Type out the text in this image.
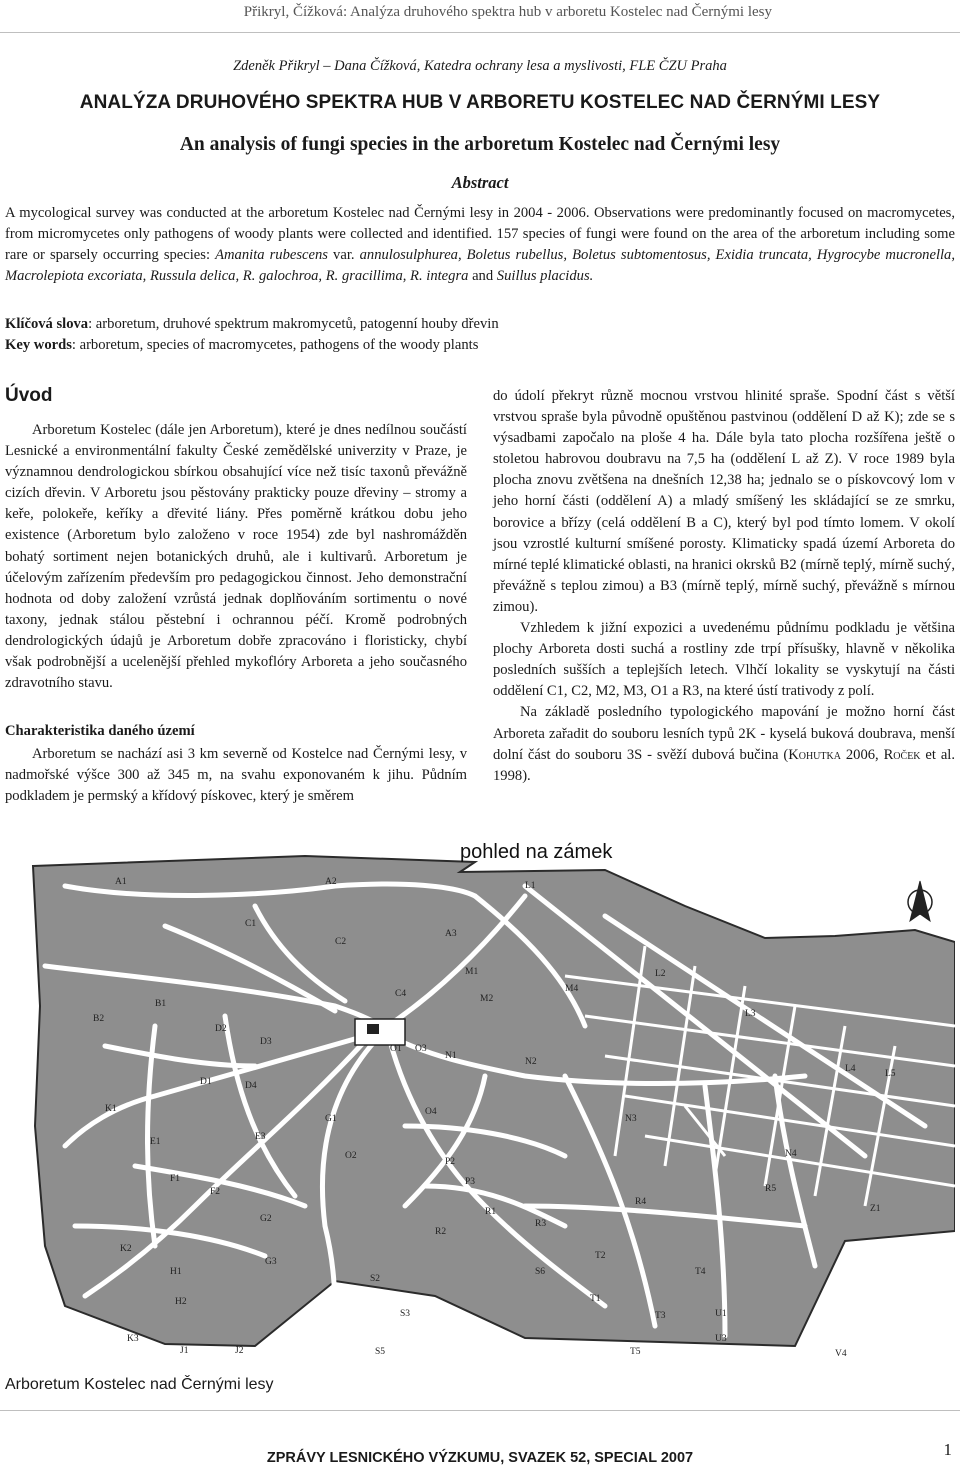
Přikryl, Čížková: Analýza druhového spektra hub v arboretu Kostelec nad Černými lesy
Zdeněk Přikryl – Dana Čížková, Katedra ochrany lesa a myslivosti, FLE ČZU Praha
ANALÝZA DRUHOVÉHO SPEKTRA HUB V ARBORETU KOSTELEC NAD ČERNÝMI LESY
An analysis of fungi species in the arboretum Kostelec nad Černými lesy
Abstract
A mycological survey was conducted at the arboretum Kostelec nad Černými lesy in 2004 - 2006. Observations were predominantly focused on macromycetes, from micromycetes only pathogens of woody plants were collected and identified. 157 species of fungi were found on the area of the arboretum including some rare or sparsely occurring species: Amanita rubescens var. annulosulphurea, Boletus rubellus, Boletus subtomentosus, Exidia truncata, Hygrocybe mucronella, Macrolepiota excoriata, Russula delica, R. galochroa, R. gracillima, R. integra and Suillus placidus.
Klíčová slova: arboretum, druhové spektrum makromycetů, patogenní houby dřevin
Key words: arboretum, species of macromycetes, pathogens of the woody plants
Úvod

Arboretum Kostelec (dále jen Arboretum), které je dnes nedílnou součástí Lesnické a environmentální fakulty České zemědělské univerzity v Praze, je významnou dendrologickou sbírkou obsahující více než tisíc taxonů převážně cizích dřevin. V Arboretu jsou pěstovány prakticky pouze dřeviny – stromy a keře, polokeře, keříky a dřevité liány. Přes poměrně krátkou dobu jeho existence (Arboretum bylo založeno v roce 1954) zde byl nashromážděn bohatý sortiment nejen botanických druhů, ale i kultivarů. Arboretum je účelovým zařízením především pro pedagogickou činnost. Jeho demonstrační hodnota od doby založení vzrůstá jednak doplňováním sortimentu o nové taxony, jednak stálou pěstební i ochrannou péčí. Kromě podrobných dendrologických údajů je Arboretum dobře zpracováno i floristicky, chybí však podrobnější a ucelenější přehled mykoflóry Arboreta a jeho současného zdravotního stavu.

Charakteristika daného území

Arboretum se nachází asi 3 km severně od Kostelce nad Černými lesy, v nadmořské výšce 300 až 345 m, na svahu exponovaném k jihu. Půdním podkladem je permský a křídový pískovec, který je směrem

do údolí překryt různě mocnou vrstvou hlinité spraše. Spodní část s větší vrstvou spraše byla původně opuštěnou pastvinou (oddělení D až K); zde se s výsadbami započalo na ploše 4 ha. Dále byla tato plocha rozšířena ještě o stoletou habrovou doubravu na 7,5 ha (oddělení L až Z). V roce 1989 byla plocha znovu zvětšena na dnešních 12,38 ha; jednalo se o pískovcový lom v jeho horní části (oddělení A) a mladý smíšený les skládající se ze smrku, borovice a břízy (celá oddělení B a C), který byl pod tímto lomem. V okolí jsou vzrostlé kulturní smíšené porosty. Klimaticky spadá území Arboreta do mírné teplé klimatické oblasti, na hranici okrsků B2 (mírně teplý, mírně suchý, převážně s teplou zimou) a B3 (mírně teplý, mírně suchý, převážně s mírnou zimou).

Vzhledem k jižní expozici a uvedenému půdnímu podkladu je většina plochy Arboreta dosti suchá a rostliny zde trpí přísušky, hlavně v několika posledních sušších a teplejších letech. Vlhčí lokality se vyskytují na části oddělení C1, C2, M2, M3, O1 a R3, na které ústí trativody z polí.

Na základě posledního typologického mapování je možno horní část Arboreta zařadit do souboru lesních typů 2K - kyselá buková doubrava, menší dolní část do souboru 3S - svěží dubová bučina (Kohutka 2006, Roček et al. 1998).

pohled na zámek
A1	A2	L1
C1
C2
A3
M1
M2
M4
L2
L3
B1
B2
C4
L4	L5
D2
D3
O1 O3
N1
N2
N3
D1	D4
N4
K1
G1
O4
E1	E3
O2
P2
P3
R4
R5
Z1
F1
F2
R1
R3
K2
G2
R2
S6
T2
T4
H1
G3
S2
T1
U1
H2
S3	T3
U3
K3
J1	J2	S5	T5	V4
Arboretum Kostelec nad Černými lesy
ZPRÁVY LESNICKÉHO VÝZKUMU, SVAZEK 52, SPECIAL 2007	1
